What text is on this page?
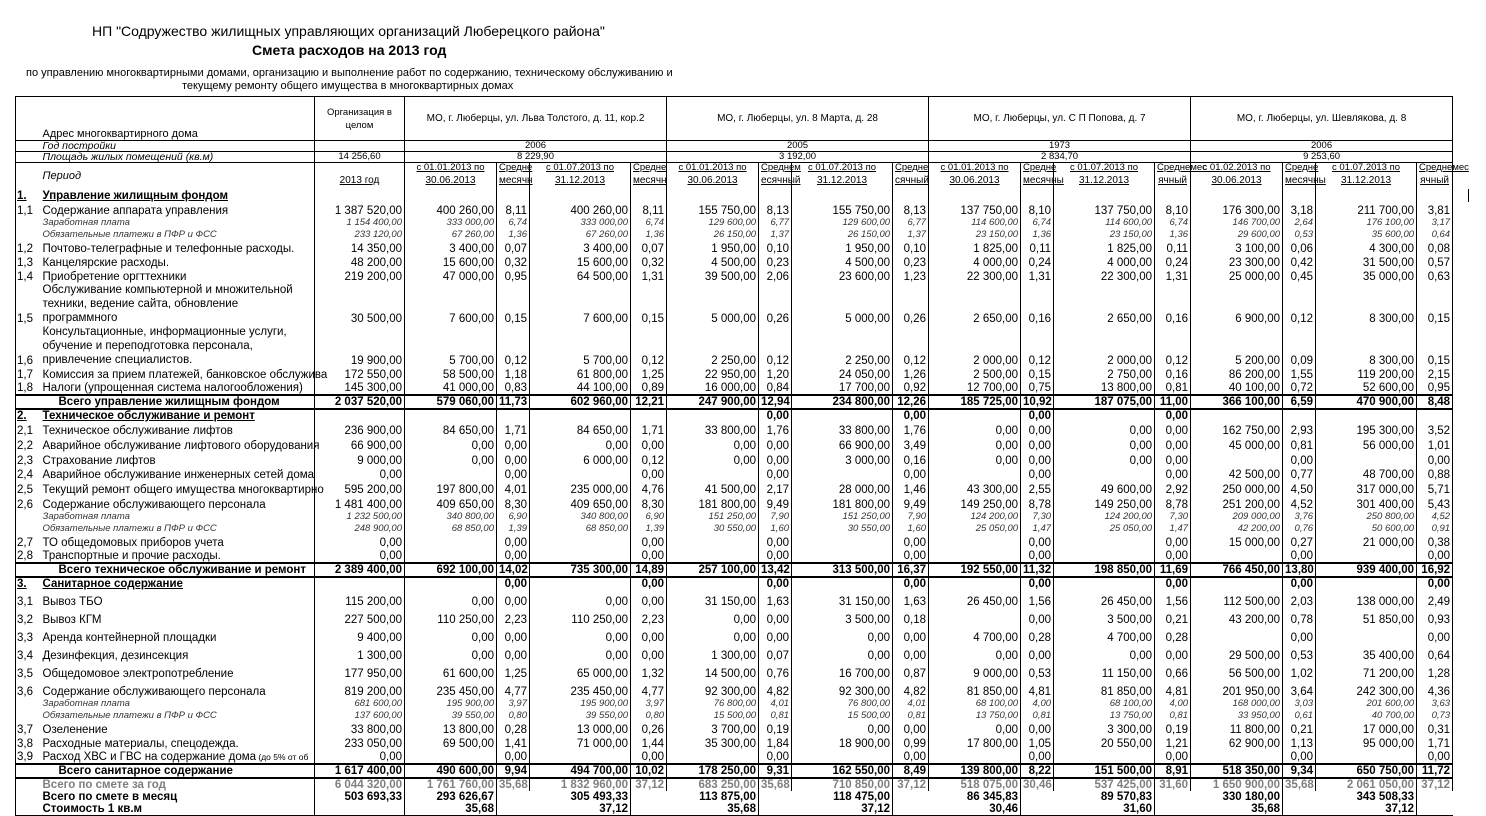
НП "Содружество жилищных управляющих организаций Люберецкого района"
Смета расходов на 2013 год
по управлению многоквартирными домами, организацию и выполнение работ по содержанию, техническому обслуживанию и
текущему ремонту общего имущества в многоквартирных домах
	Адрес многоквартирного дома	Организация в целом	МО, г. Люберцы, ул. Льва Толстого, д. 11, кор.2				МО, г. Люберцы, ул. 8 Марта, д. 28				МО, г. Люберцы, ул. С П Попова, д. 7				МО, г. Люберцы, ул. Шевлякова, д. 8				
	Год постройки		2006				2005				1973				2006				
	Площадь жилых помещений (кв.м)	14 256,60	8 229,90				3 192,00				2 834,70				9 253,60				
	Период		с 01.01.2013 по	Средне	с 01.07.2013 по	Средне	с 01.01.2013 по	Среднем	с 01.07.2013 по	Средне	с 01.01.2013 по	Средне	с 01.07.2013 по	Среднемес	с 01.02.2013 по	Средне	с 01.07.2013 по	Среднемес	
		2013 год	30.06.2013	месячн	31.12.2013	месячн	30.06.2013	есячный	31.12.2013	сячный	30.06.2013	месячны	31.12.2013	ячный	30.06.2013	месячны	31.12.2013	ячный	
1.	Управление жилищным фондом																		
1,1	Содержание аппарата управления	1 387 520,00	400 260,00	8,11	400 260,00	8,11	155 750,00	8,13	155 750,00	8,13	137 750,00	8,10	137 750,00	8,10	176 300,00	3,18	211 700,00	3,81	
	Заработная плата	1 154 400,00	333 000,00	6,74	333 000,00	6,74	129 600,00	6,77	129 600,00	6,77	114 600,00	6,74	114 600,00	6,74	146 700,00	2,64	176 100,00	3,17	
	Обязательные платежи в ПФР и ФСС	233 120,00	67 260,00	1,36	67 260,00	1,36	26 150,00	1,37	26 150,00	1,37	23 150,00	1,36	23 150,00	1,36	29 600,00	0,53	35 600,00	0,64	
1,2	Почтово-телеграфные и телефонные расходы.	14 350,00	3 400,00	0,07	3 400,00	0,07	1 950,00	0,10	1 950,00	0,10	1 825,00	0,11	1 825,00	0,11	3 100,00	0,06	4 300,00	0,08	
1,3	Канцелярские расходы.	48 200,00	15 600,00	0,32	15 600,00	0,32	4 500,00	0,23	4 500,00	0,23	4 000,00	0,24	4 000,00	0,24	23 300,00	0,42	31 500,00	0,57	
1,4	Приобретение оргттехники	219 200,00	47 000,00	0,95	64 500,00	1,31	39 500,00	2,06	23 600,00	1,23	22 300,00	1,31	22 300,00	1,31	25 000,00	0,45	35 000,00	0,63	
1,5	Обслуживание компьютерной и множительной техники, ведение сайта, обновление программного	30 500,00	7 600,00	0,15	7 600,00	0,15	5 000,00	0,26	5 000,00	0,26	2 650,00	0,16	2 650,00	0,16	6 900,00	0,12	8 300,00	0,15	
1,6	Консультационные, информационные услуги, обучение и переподготовка персонала, привлечение специалистов.	19 900,00	5 700,00	0,12	5 700,00	0,12	2 250,00	0,12	2 250,00	0,12	2 000,00	0,12	2 000,00	0,12	5 200,00	0,09	8 300,00	0,15	
1,7	Комиссия за прием платежей, банковское обслужива	172 550,00	58 500,00	1,18	61 800,00	1,25	22 950,00	1,20	24 050,00	1,26	2 500,00	0,15	2 750,00	0,16	86 200,00	1,55	119 200,00	2,15	
1,8	Налоги (упрощенная система налогообложения)	145 300,00	41 000,00	0,83	44 100,00	0,89	16 000,00	0,84	17 700,00	0,92	12 700,00	0,75	13 800,00	0,81	40 100,00	0,72	52 600,00	0,95	
	Всего управление жилищным фондом	2 037 520,00	579 060,00	11,73	602 960,00	12,21	247 900,00	12,94	234 800,00	12,26	185 725,00	10,92	187 075,00	11,00	366 100,00	6,59	470 900,00	8,48	
2.	Техническое обслуживание и ремонт							0,00		0,00		0,00		0,00					
2,1	Техническое обслуживание лифтов	236 900,00	84 650,00	1,71	84 650,00	1,71	33 800,00	1,76	33 800,00	1,76	0,00	0,00	0,00	0,00	162 750,00	2,93	195 300,00	3,52	
2,2	Аварийное обслуживание лифтового оборудования	66 900,00	0,00	0,00	0,00	0,00	0,00	0,00	66 900,00	3,49	0,00	0,00	0,00	0,00	45 000,00	0,81	56 000,00	1,01	
2,3	Страхование лифтов	9 000,00	0,00	0,00	6 000,00	0,12	0,00	0,00	3 000,00	0,16	0,00	0,00	0,00	0,00		0,00		0,00	
2,4	Аварийное обслуживание инженерных сетей дома	0,00		0,00		0,00		0,00		0,00		0,00		0,00	42 500,00	0,77	48 700,00	0,88	
2,5	Текущий ремонт общего имущества многоквартирно	595 200,00	197 800,00	4,01	235 000,00	4,76	41 500,00	2,17	28 000,00	1,46	43 300,00	2,55	49 600,00	2,92	250 000,00	4,50	317 000,00	5,71	
2,6	Содержание обслуживающего персонала	1 481 400,00	409 650,00	8,30	409 650,00	8,30	181 800,00	9,49	181 800,00	9,49	149 250,00	8,78	149 250,00	8,78	251 200,00	4,52	301 400,00	5,43	
	Заработная плата	1 232 500,00	340 800,00	6,90	340 800,00	6,90	151 250,00	7,90	151 250,00	7,90	124 200,00	7,30	124 200,00	7,30	209 000,00	3,76	250 800,00	4,52	
	Обязательные платежи в ПФР и ФСС	248 900,00	68 850,00	1,39	68 850,00	1,39	30 550,00	1,60	30 550,00	1,60	25 050,00	1,47	25 050,00	1,47	42 200,00	0,76	50 600,00	0,91	
2,7	ТО общедомовых приборов учета	0,00		0,00		0,00		0,00		0,00		0,00		0,00	15 000,00	0,27	21 000,00	0,38	
2,8	Транспортные и прочие расходы.	0,00		0,00		0,00		0,00		0,00		0,00		0,00		0,00		0,00	
	Всего техническое обслуживание и ремонт	2 389 400,00	692 100,00	14,02	735 300,00	14,89	257 100,00	13,42	313 500,00	16,37	192 550,00	11,32	198 850,00	11,69	766 450,00	13,80	939 400,00	16,92	
3.	Санитарное содержание			0,00		0,00		0,00		0,00		0,00		0,00		0,00		0,00	
3,1	Вывоз ТБО	115 200,00	0,00	0,00	0,00	0,00	31 150,00	1,63	31 150,00	1,63	26 450,00	1,56	26 450,00	1,56	112 500,00	2,03	138 000,00	2,49	
3,2	Вывоз КГМ	227 500,00	110 250,00	2,23	110 250,00	2,23	0,00	0,00	3 500,00	0,18		0,00	3 500,00	0,21	43 200,00	0,78	51 850,00	0,93	
3,3	Аренда контейнерной площадки	9 400,00	0,00	0,00	0,00	0,00	0,00	0,00	0,00	0,00	4 700,00	0,28	4 700,00	0,28		0,00		0,00	
3,4	Дезинфекция, дезинсекция	1 300,00	0,00	0,00	0,00	0,00	1 300,00	0,07	0,00	0,00	0,00	0,00	0,00	0,00	29 500,00	0,53	35 400,00	0,64	
3,5	Общедомовое электропотребление	177 950,00	61 600,00	1,25	65 000,00	1,32	14 500,00	0,76	16 700,00	0,87	9 000,00	0,53	11 150,00	0,66	56 500,00	1,02	71 200,00	1,28	
3,6	Содержание обслуживающего персонала	819 200,00	235 450,00	4,77	235 450,00	4,77	92 300,00	4,82	92 300,00	4,82	81 850,00	4,81	81 850,00	4,81	201 950,00	3,64	242 300,00	4,36	
	Заработная плата	681 600,00	195 900,00	3,97	195 900,00	3,97	76 800,00	4,01	76 800,00	4,01	68 100,00	4,00	68 100,00	4,00	168 000,00	3,03	201 600,00	3,63	
	Обязательные платежи в ПФР и ФСС	137 600,00	39 550,00	0,80	39 550,00	0,80	15 500,00	0,81	15 500,00	0,81	13 750,00	0,81	13 750,00	0,81	33 950,00	0,61	40 700,00	0,73	
3,7	Озеленение	33 800,00	13 800,00	0,28	13 000,00	0,26	3 700,00	0,19	0,00	0,00	0,00	0,00	3 300,00	0,19	11 800,00	0,21	17 000,00	0,31	
3,8	Расходные материалы, спецодежда.	233 050,00	69 500,00	1,41	71 000,00	1,44	35 300,00	1,84	18 900,00	0,99	17 800,00	1,05	20 550,00	1,21	62 900,00	1,13	95 000,00	1,71	
3,9	Расход ХВС и ГВС на содержание дома (до 5% от об	0,00		0,00		0,00		0,00		0,00		0,00		0,00		0,00		0,00	
	Всего санитарное содержание	1 617 400,00	490 600,00	9,94	494 700,00	10,02	178 250,00	9,31	162 550,00	8,49	139 800,00	8,22	151 500,00	8,91	518 350,00	9,34	650 750,00	11,72	
	Всего по смете за год	6 044 320,00	1 761 760,00	35,68	1 832 960,00	37,12	683 250,00	35,68	710 850,00	37,12	518 075,00	30,46	537 425,00	31,60	1 650 900,00	35,68	2 061 050,00	37,12	
	Всего по смете в месяц	503 693,33	293 626,67		305 493,33		113 875,00		118 475,00		86 345,83		89 570,83		330 180,00		343 508,33		
	Стоимость 1 кв.м		35,68		37,12		35,68		37,12		30,46		31,60		35,68		37,12		
